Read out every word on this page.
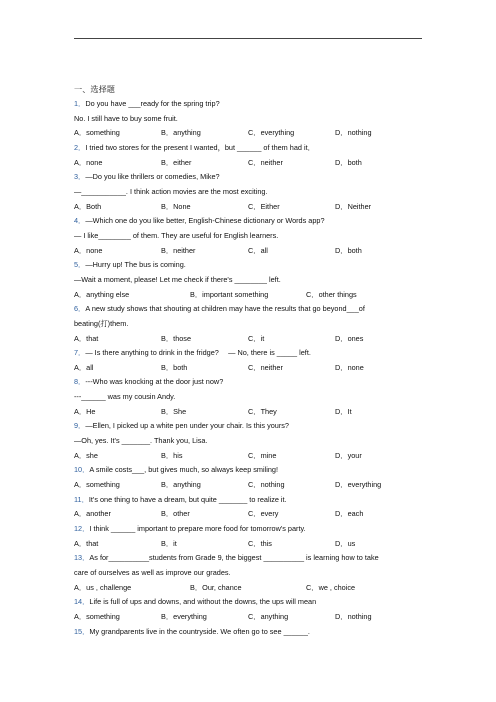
一、选择题
1．Do you have ___ready for the spring trip?
No. I still have to buy some fruit.
A．something	B．anything	C．everything	D．nothing
2．I tried two stores for the present I wanted，but ______ of them had it．
A．none	B．either	C．neither	D．both
3．—Do you like thrillers or comedies, Mike?
—___________. I think action movies are the most exciting.
A．Both	B．None	C．Either	D．Neither
4．—Which one do you like better, English-Chinese dictionary or Words app?
— I like________ of them. They are useful for English learners.
A．none	B．neither	C．all	D．both
5．—Hurry up! The bus is coming.
—Wait a moment, please! Let me check if there's ________ left.
A．anything else	B．important something	C．other things
6．A new study shows that shouting at children may have the results that go beyond___of
beating(打)them.
A．that	B．those	C．it	D．ones
7．— Is there anything to drink in the fridge?　 — No, there is _____ left.
A．all	B．both	C．neither	D．none
8．---Who was knocking at the door just now?
---______ was my cousin Andy.
A．He	B．She	C．They	D．It
9．—Ellen, I picked up a white pen under your chair. Is this yours?
—Oh, yes. It's _______. Thank you, Lisa.
A．she	B．his	C．mine	D．your
10．A smile costs___, but gives much, so always keep smiling!
A．something	B．anything	C．nothing	D．everything
11．It's one thing to have a dream, but quite _______ to realize it.
A．another	B．other	C．every	D．each
12．I think ______ important to prepare more food for tomorrow's party.
A．that	B．it	C．this	D．us
13．As for__________students from Grade 9, the biggest __________ is learning how to take
care of ourselves as well as improve our grades.
A．us , challenge	B．Our, chance	C．we , choice
14．Life is full of ups and downs, and without the downs, the ups will mean
A．something	B．everything	C．anything	D．nothing
15．My grandparents live in the countryside. We often go to see ______.
